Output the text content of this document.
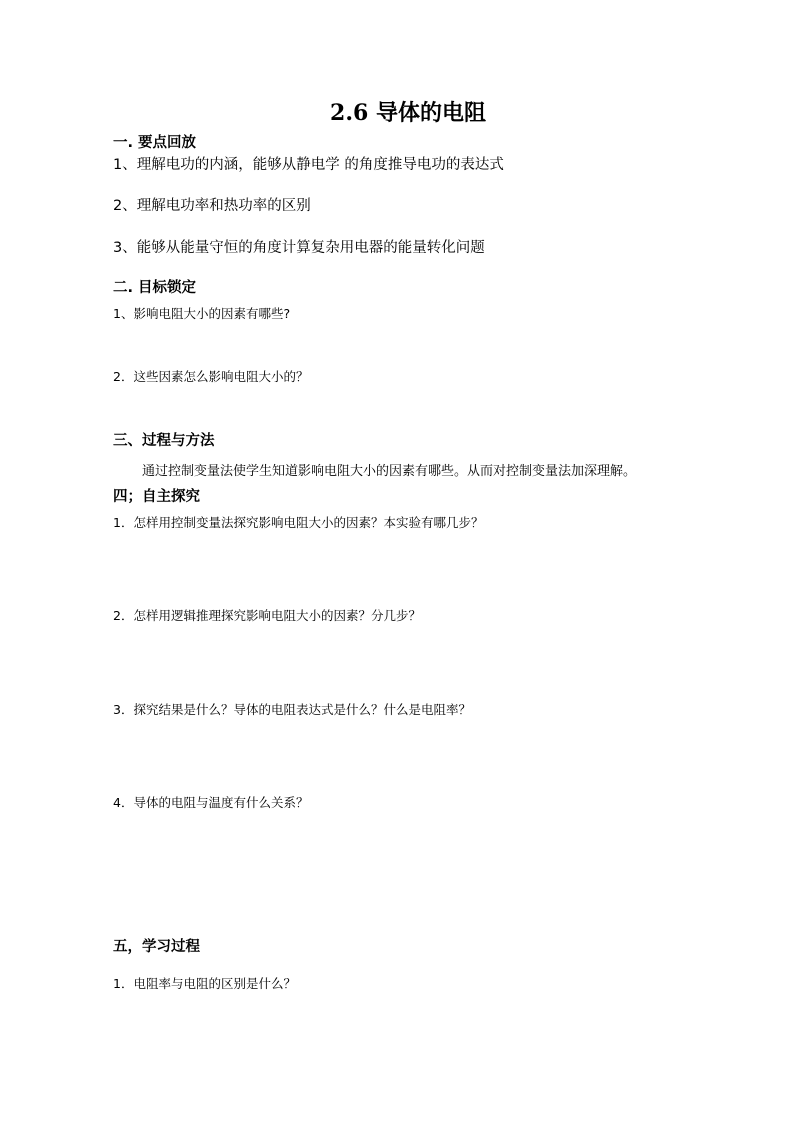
2.6 导体的电阻
一. 要点回放
1、理解电功的内涵，能够从静电学 的角度推导电功的表达式
2、理解电功率和热功率的区别
3、能够从能量守恒的角度计算复杂用电器的能量转化问题
二. 目标锁定
1、影响电阻大小的因素有哪些?
2．这些因素怎么影响电阻大小的？
三、过程与方法
通过控制变量法使学生知道影响电阻大小的因素有哪些。从而对控制变量法加深理解。
四；自主探究
1．怎样用控制变量法探究影响电阻大小的因素？本实验有哪几步？
2．怎样用逻辑推理探究影响电阻大小的因素？分几步？
3．探究结果是什么？导体的电阻表达式是什么？什么是电阻率？
4．导体的电阻与温度有什么关系？
五，学习过程
1．电阻率与电阻的区别是什么？
